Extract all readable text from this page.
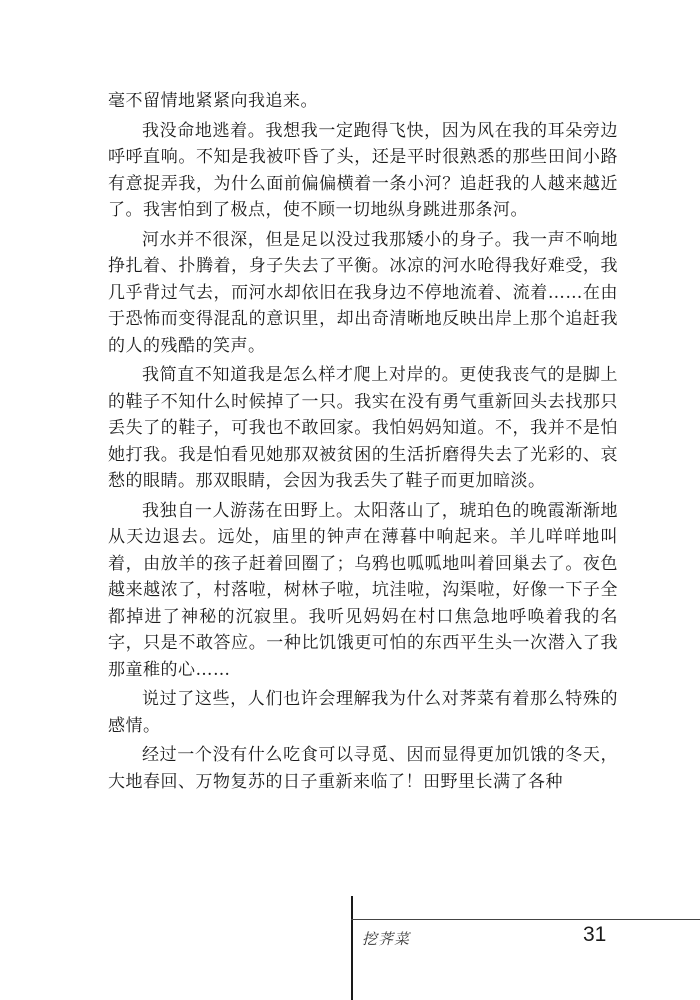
毫不留情地紧紧向我追来。

我没命地逃着。我想我一定跑得飞快，因为风在我的耳朵旁边呼呼直响。不知是我被吓昏了头，还是平时很熟悉的那些田间小路有意捉弄我，为什么面前偏偏横着一条小河？追赶我的人越来越近了。我害怕到了极点，使不顾一切地纵身跳进那条河。

河水并不很深，但是足以没过我那矮小的身子。我一声不响地挣扎着、扑腾着，身子失去了平衡。冰凉的河水呛得我好难受，我几乎背过气去，而河水却依旧在我身边不停地流着、流着……在由于恐怖而变得混乱的意识里，却出奇清晰地反映出岸上那个追赶我的人的残酷的笑声。

我简直不知道我是怎么样才爬上对岸的。更使我丧气的是脚上的鞋子不知什么时候掉了一只。我实在没有勇气重新回头去找那只丢失了的鞋子，可我也不敢回家。我怕妈妈知道。不，我并不是怕她打我。我是怕看见她那双被贫困的生活折磨得失去了光彩的、哀愁的眼睛。那双眼睛，会因为我丢失了鞋子而更加暗淡。

我独自一人游荡在田野上。太阳落山了，琥珀色的晚霞渐渐地从天边退去。远处，庙里的钟声在薄暮中响起来。羊儿咩咩地叫着，由放羊的孩子赶着回圈了；乌鸦也呱呱地叫着回巢去了。夜色越来越浓了，村落啦，树林子啦，坑洼啦，沟渠啦，好像一下子全都掉进了神秘的沉寂里。我听见妈妈在村口焦急地呼唤着我的名字，只是不敢答应。一种比饥饿更可怕的东西平生头一次潜入了我那童稚的心……

说过了这些，人们也许会理解我为什么对荠菜有着那么特殊的感情。

经过一个没有什么吃食可以寻觅、因而显得更加饥饿的冬天，大地春回、万物复苏的日子重新来临了！田野里长满了各种

挖荠菜	31
